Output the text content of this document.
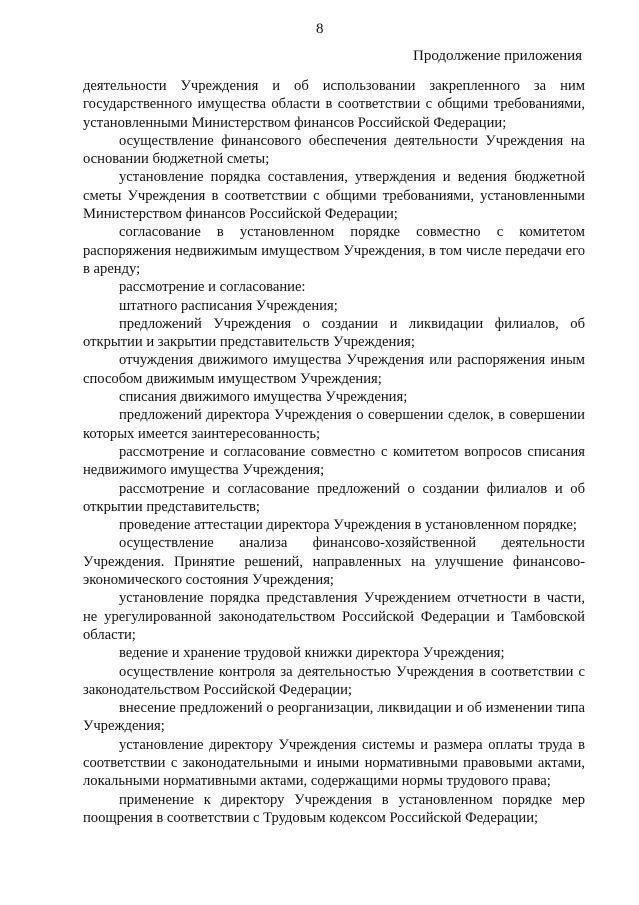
8
Продолжение приложения

деятельности Учреждения и об использовании закрепленного за ним государственного имущества области в соответствии с общими требованиями, установленными Министерством финансов Российской Федерации;

осуществление финансового обеспечения деятельности Учреждения на основании бюджетной сметы;

установление порядка составления, утверждения и ведения бюджетной сметы Учреждения в соответствии с общими требованиями, установленными Министерством финансов Российской Федерации;

согласование в установленном порядке совместно с комитетом распоряжения недвижимым имуществом Учреждения, в том числе передачи его в аренду;

рассмотрение и согласование:

штатного расписания Учреждения;

предложений Учреждения о создании и ликвидации филиалов, об открытии и закрытии представительств Учреждения;

отчуждения движимого имущества Учреждения или распоряжения иным способом движимым имуществом Учреждения;

списания движимого имущества Учреждения;

предложений директора Учреждения о совершении сделок, в совершении которых имеется заинтересованность;

рассмотрение и согласование совместно с комитетом вопросов списания недвижимого имущества Учреждения;

рассмотрение и согласование предложений о создании филиалов и об открытии представительств;

проведение аттестации директора Учреждения в установленном порядке;

осуществление анализа финансово-хозяйственной деятельности Учреждения. Принятие решений, направленных на улучшение финансово-экономического состояния Учреждения;

установление порядка представления Учреждением отчетности в части, не урегулированной законодательством Российской Федерации и Тамбовской области;

ведение и хранение трудовой книжки директора Учреждения;

осуществление контроля за деятельностью Учреждения в соответствии с законодательством Российской Федерации;

внесение предложений о реорганизации, ликвидации и об изменении типа Учреждения;

установление директору Учреждения системы и размера оплаты труда в соответствии с законодательными и иными нормативными правовыми актами, локальными нормативными актами, содержащими нормы трудового права;

применение к директору Учреждения в установленном порядке мер поощрения в соответствии с Трудовым кодексом Российской Федерации;
